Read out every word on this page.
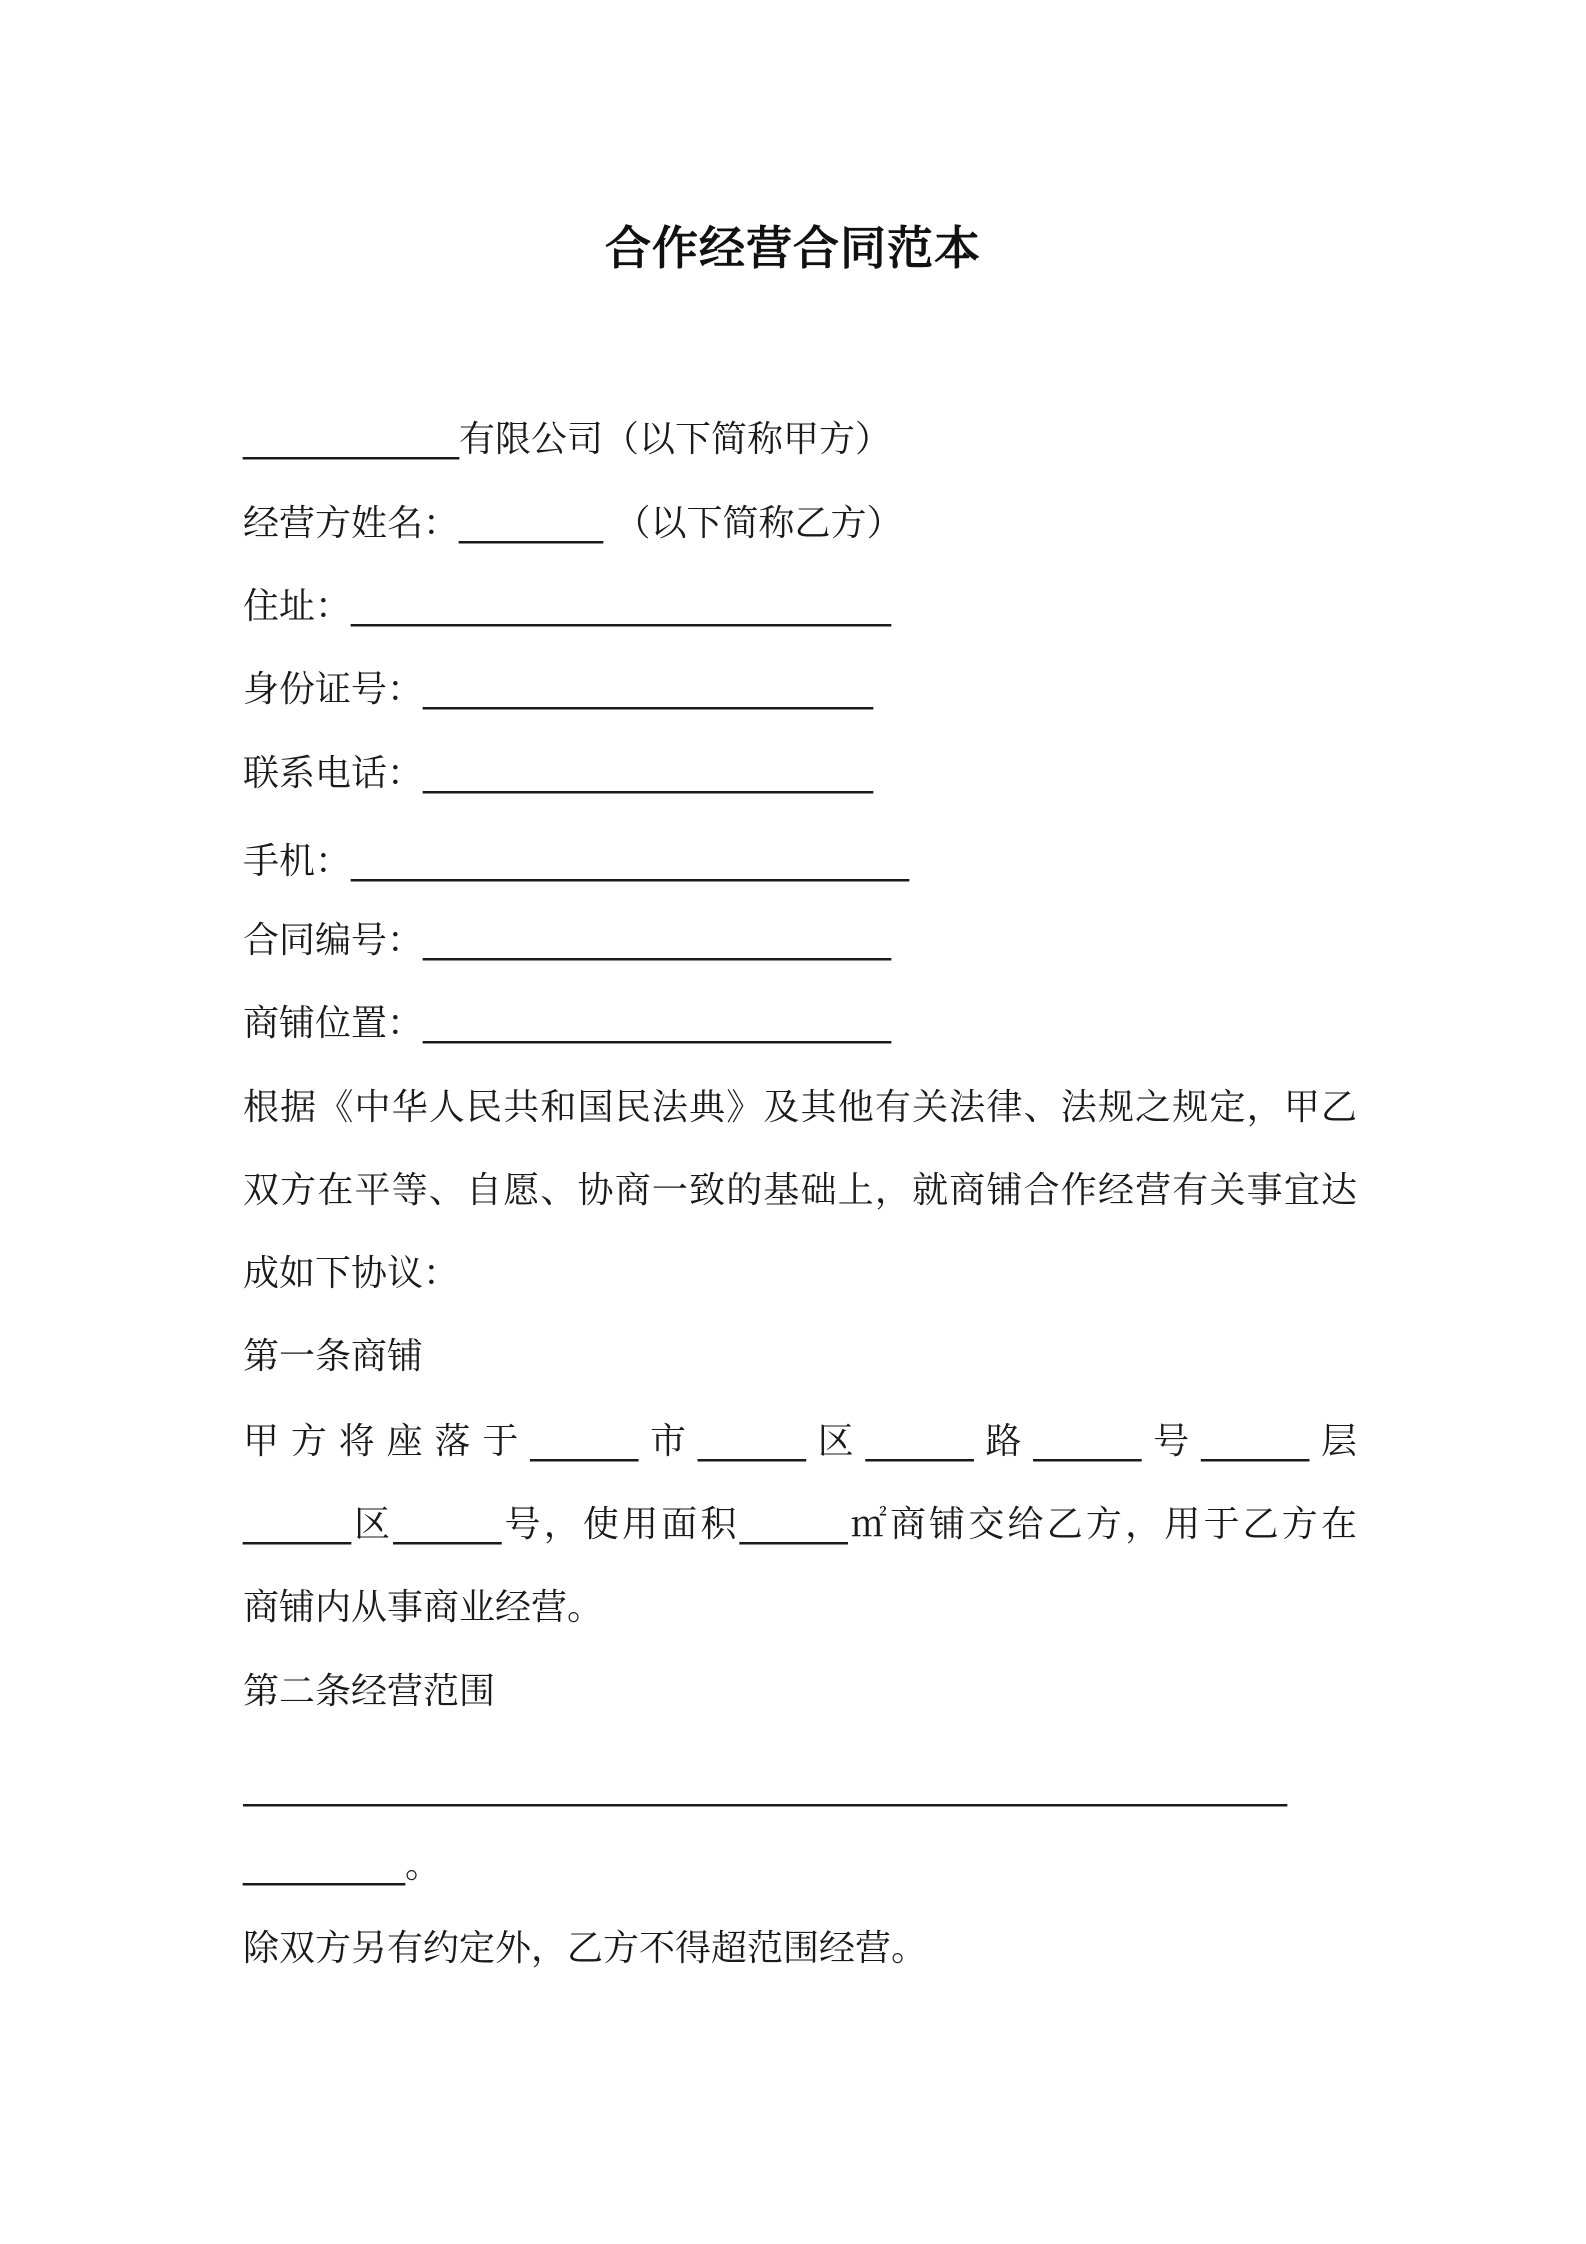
合作经营合同范本
____________有限公司（以下简称甲方）
经营方姓名：________ （以下简称乙方）
住址：______________________________
身份证号：_________________________
联系电话：_________________________
手机：_______________________________
合同编号：__________________________
商铺位置：__________________________
根据《中华人民共和国民法典》及其他有关法律、法规之规定，甲乙
双方在平等、自愿、协商一致的基础上，就商铺合作经营有关事宜达
成如下协议：
第一条商铺
甲方将座落于______市______区______路______号______层
______区______号，使用面积______㎡商铺交给乙方，用于乙方在
商铺内从事商业经营。
第二条经营范围
__________________________________________________________
_________。
除双方另有约定外，乙方不得超范围经营。
